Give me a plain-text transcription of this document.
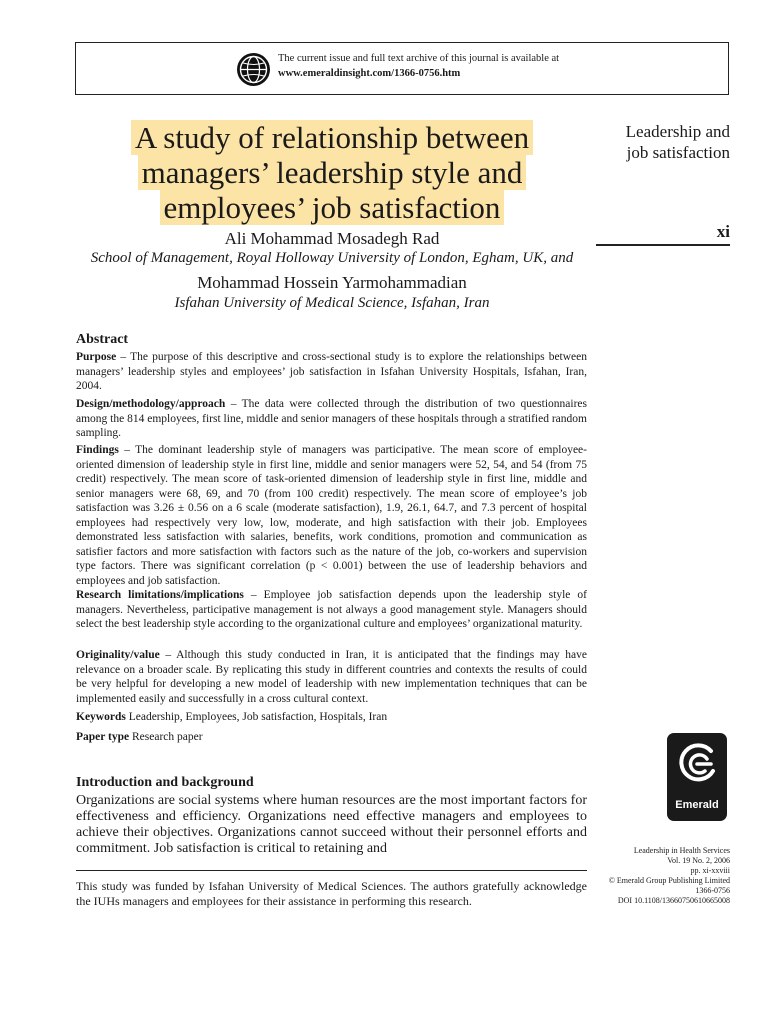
The current issue and full text archive of this journal is available at
www.emeraldinsight.com/1366-0756.htm
A study of relationship between managers’ leadership style and employees’ job satisfaction
Leadership and
job satisfaction
xi
Ali Mohammad Mosadegh Rad
School of Management, Royal Holloway University of London, Egham, UK, and
Mohammad Hossein Yarmohammadian
Isfahan University of Medical Science, Isfahan, Iran
Abstract
Purpose – The purpose of this descriptive and cross-sectional study is to explore the relationships between managers’ leadership styles and employees’ job satisfaction in Isfahan University Hospitals, Isfahan, Iran, 2004.
Design/methodology/approach – The data were collected through the distribution of two questionnaires among the 814 employees, first line, middle and senior managers of these hospitals through a stratified random sampling.
Findings – The dominant leadership style of managers was participative. The mean score of employee-oriented dimension of leadership style in first line, middle and senior managers were 52, 54, and 54 (from 75 credit) respectively. The mean score of task-oriented dimension of leadership style in first line, middle and senior managers were 68, 69, and 70 (from 100 credit) respectively. The mean score of employee’s job satisfaction was 3.26 ± 0.56 on a 6 scale (moderate satisfaction), 1.9, 26.1, 64.7, and 7.3 percent of hospital employees had respectively very low, low, moderate, and high satisfaction with their job. Employees demonstrated less satisfaction with salaries, benefits, work conditions, promotion and communication as satisfier factors and more satisfaction with factors such as the nature of the job, co-workers and supervision type factors. There was significant correlation (p < 0.001) between the use of leadership behaviors and employees and job satisfaction.
Research limitations/implications – Employee job satisfaction depends upon the leadership style of managers. Nevertheless, participative management is not always a good management style. Managers should select the best leadership style according to the organizational culture and employees’ organizational maturity.
Originality/value – Although this study conducted in Iran, it is anticipated that the findings may have relevance on a broader scale. By replicating this study in different countries and contexts the results of could be very helpful for developing a new model of leadership with new implementation techniques that can be implemented easily and successfully in a cross cultural context.
Keywords Leadership, Employees, Job satisfaction, Hospitals, Iran
Paper type Research paper
Introduction and background
Organizations are social systems where human resources are the most important factors for effectiveness and efficiency. Organizations need effective managers and employees to achieve their objectives. Organizations cannot succeed without their personnel efforts and commitment. Job satisfaction is critical to retaining and
This study was funded by Isfahan University of Medical Sciences. The authors gratefully acknowledge the IUHs managers and employees for their assistance in performing this research.
Emerald
Leadership in Health Services
Vol. 19 No. 2, 2006
pp. xi-xxviii
© Emerald Group Publishing Limited
1366-0756
DOI 10.1108/13660750610665008
